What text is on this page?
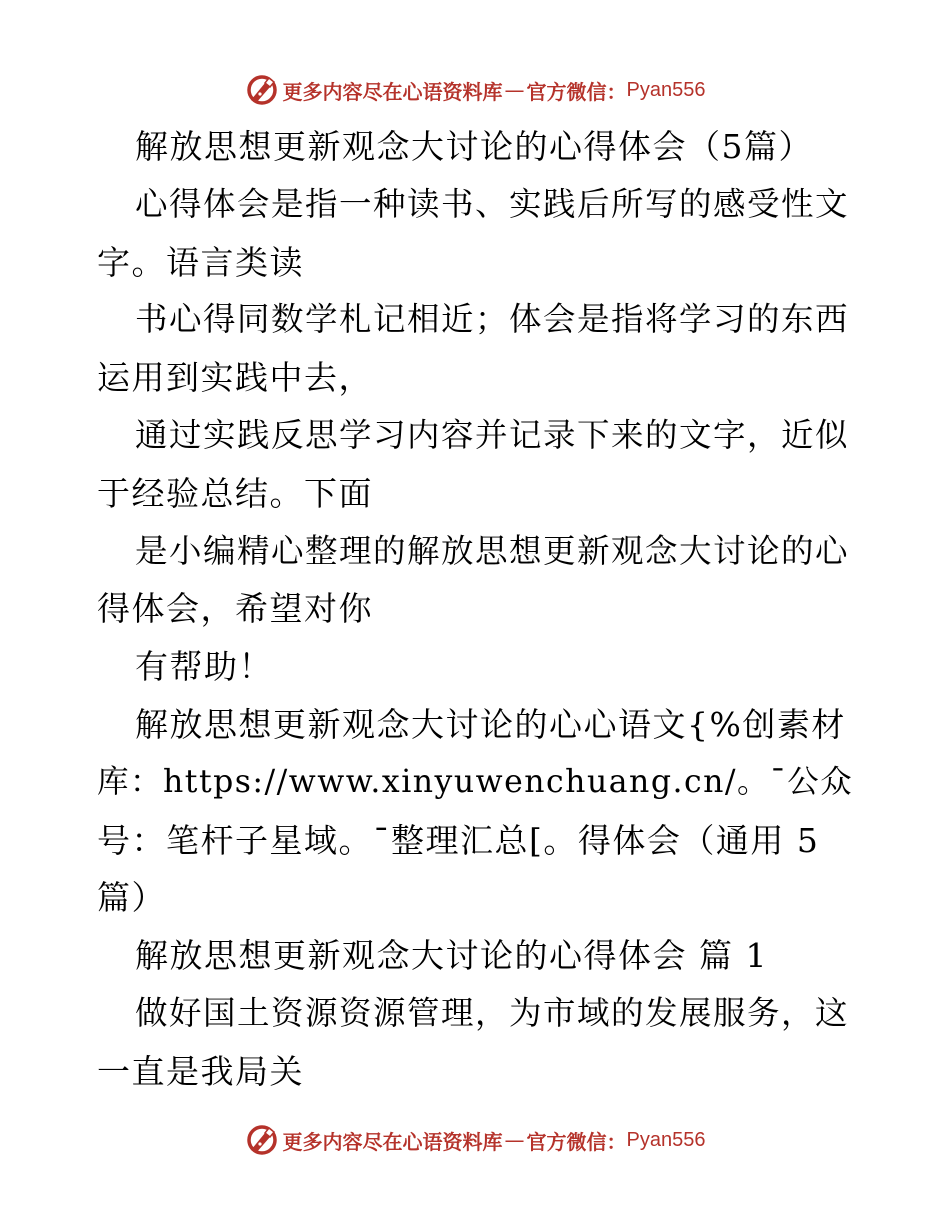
更多内容尽在心语资料库 — 官方微信： Pyan556
解放思想更新观念大讨论的心得体会（5篇）
心得体会是指一种读书、实践后所写的感受性文
字。语言类读
书心得同数学札记相近；体会是指将学习的东西
运用到实践中去，
通过实践反思学习内容并记录下来的文字，近似
于经验总结。下面
是小编精心整理的解放思想更新观念大讨论的心
得体会，希望对你
有帮助！
解放思想更新观念大讨论的心心语文{%创素材
库：https://www.xinyuwenchuang.cn/。¯公众
号：笔杆子星域。¯整理汇总[。得体会（通用 5
篇）
解放思想更新观念大讨论的心得体会 篇 1
做好国土资源资源管理，为市域的发展服务，这
一直是我局关
更多内容尽在心语资料库 — 官方微信： Pyan556
